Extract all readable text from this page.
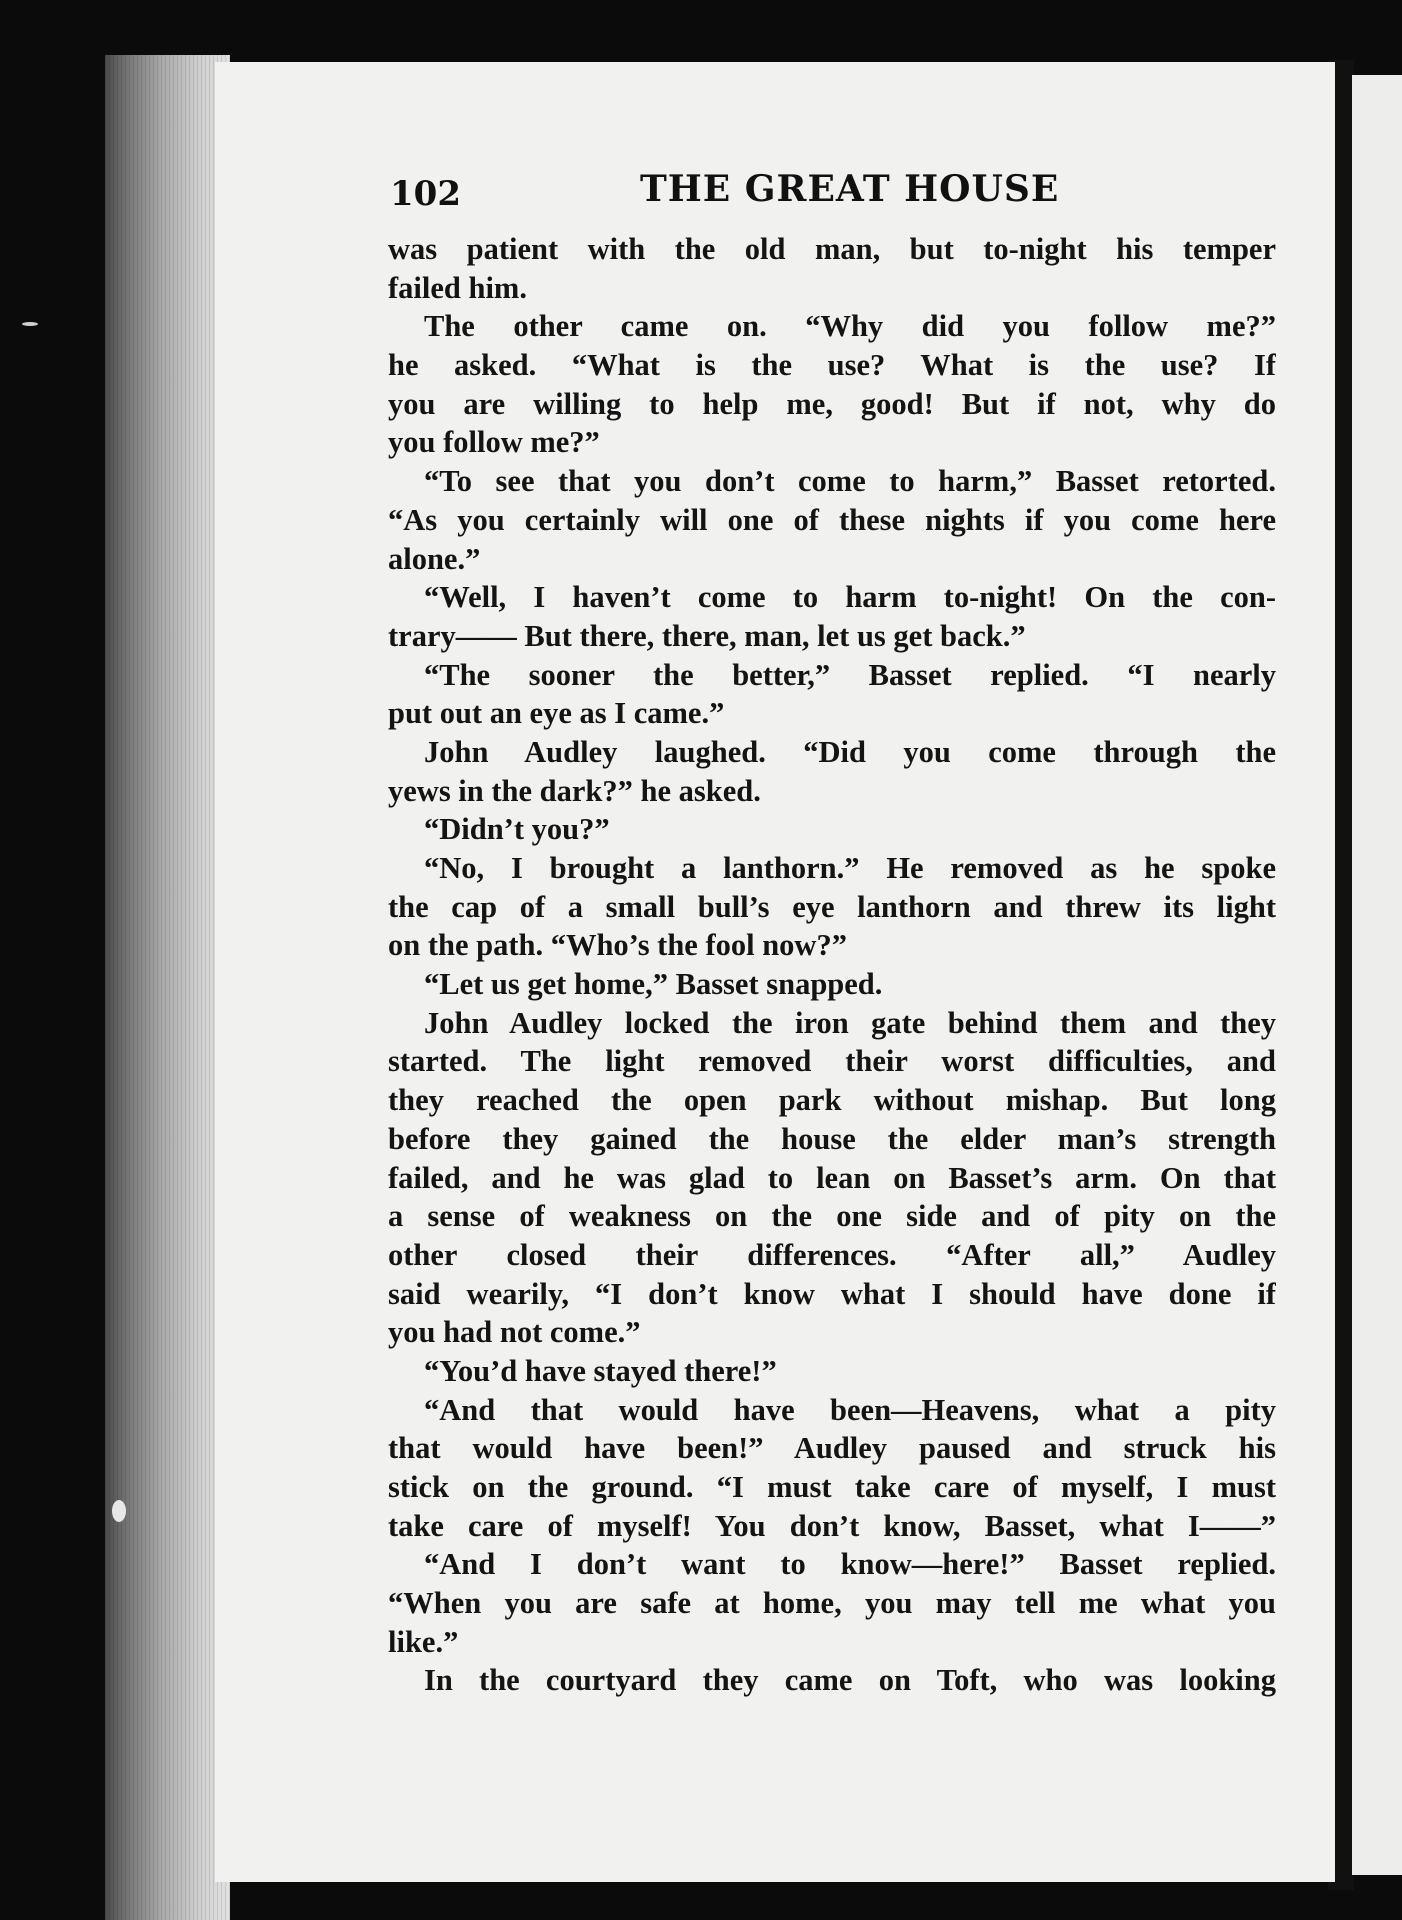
102	THE GREAT HOUSE
was patient with the old man, but to-night his temper
failed him.
The other came on. “Why did you follow me?”
he asked. “What is the use? What is the use? If
you are willing to help me, good! But if not, why do
you follow me?”
“To see that you don’t come to harm,” Basset retorted.
“As you certainly will one of these nights if you come here
alone.”
“Well, I haven’t come to harm to-night! On the con-
trary—— But there, there, man, let us get back.”
“The sooner the better,” Basset replied. “I nearly
put out an eye as I came.”
John Audley laughed. “Did you come through the
yews in the dark?” he asked.
“Didn’t you?”
“No, I brought a lanthorn.” He removed as he spoke
the cap of a small bull’s eye lanthorn and threw its light
on the path. “Who’s the fool now?”
“Let us get home,” Basset snapped.
John Audley locked the iron gate behind them and they
started. The light removed their worst difficulties, and
they reached the open park without mishap. But long
before they gained the house the elder man’s strength
failed, and he was glad to lean on Basset’s arm. On that
a sense of weakness on the one side and of pity on the
other closed their differences. “After all,” Audley
said wearily, “I don’t know what I should have done if
you had not come.”
“You’d have stayed there!”
“And that would have been—Heavens, what a pity
that would have been!” Audley paused and struck his
stick on the ground. “I must take care of myself, I must
take care of myself! You don’t know, Basset, what I——”
“And I don’t want to know—here!” Basset replied.
“When you are safe at home, you may tell me what you
like.”
In the courtyard they came on Toft, who was looking
